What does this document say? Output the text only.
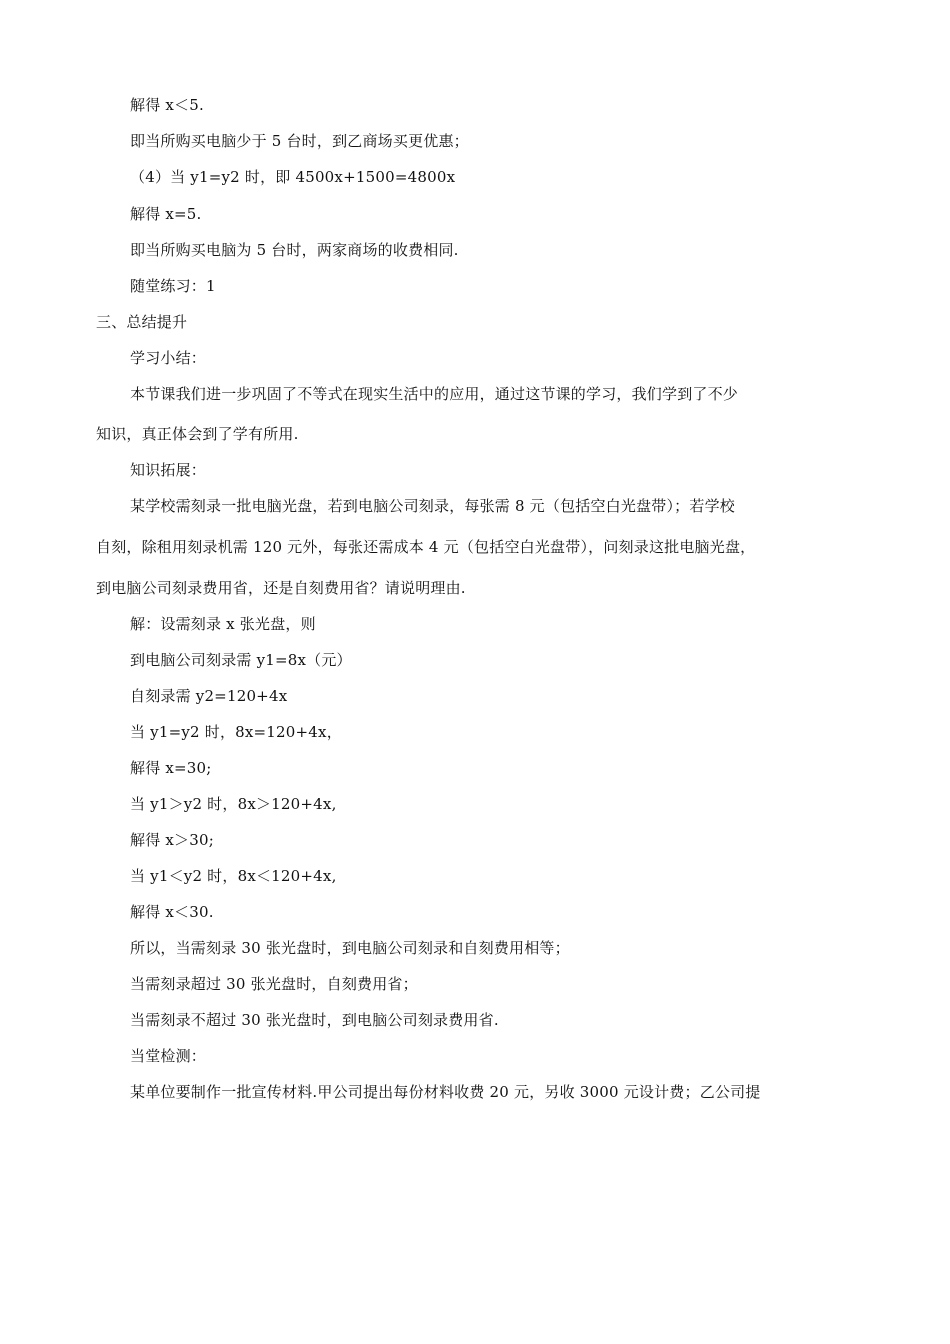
解得 x＜5.
即当所购买电脑少于 5 台时，到乙商场买更优惠；
（4）当 y1=y2 时，即 4500x+1500=4800x
解得 x=5.
即当所购买电脑为 5 台时，两家商场的收费相同.
随堂练习：1
三、总结提升
学习小结：
本节课我们进一步巩固了不等式在现实生活中的应用，通过这节课的学习，我们学到了不少
知识，真正体会到了学有所用.
知识拓展：
某学校需刻录一批电脑光盘，若到电脑公司刻录，每张需 8 元（包括空白光盘带）；若学校
自刻，除租用刻录机需 120 元外，每张还需成本 4 元（包括空白光盘带），问刻录这批电脑光盘，
到电脑公司刻录费用省，还是自刻费用省？请说明理由.
解：设需刻录 x 张光盘，则
到电脑公司刻录需 y1=8x（元）
自刻录需 y2=120+4x
当 y1=y2 时，8x=120+4x，
解得 x=30;
当 y1＞y2 时，8x＞120+4x,
解得 x＞30;
当 y1＜y2 时，8x＜120+4x,
解得 x＜30.
所以，当需刻录 30 张光盘时，到电脑公司刻录和自刻费用相等；
当需刻录超过 30 张光盘时，自刻费用省；
当需刻录不超过 30 张光盘时，到电脑公司刻录费用省.
当堂检测：
某单位要制作一批宣传材料.甲公司提出每份材料收费 20 元，另收 3000 元设计费；乙公司提
